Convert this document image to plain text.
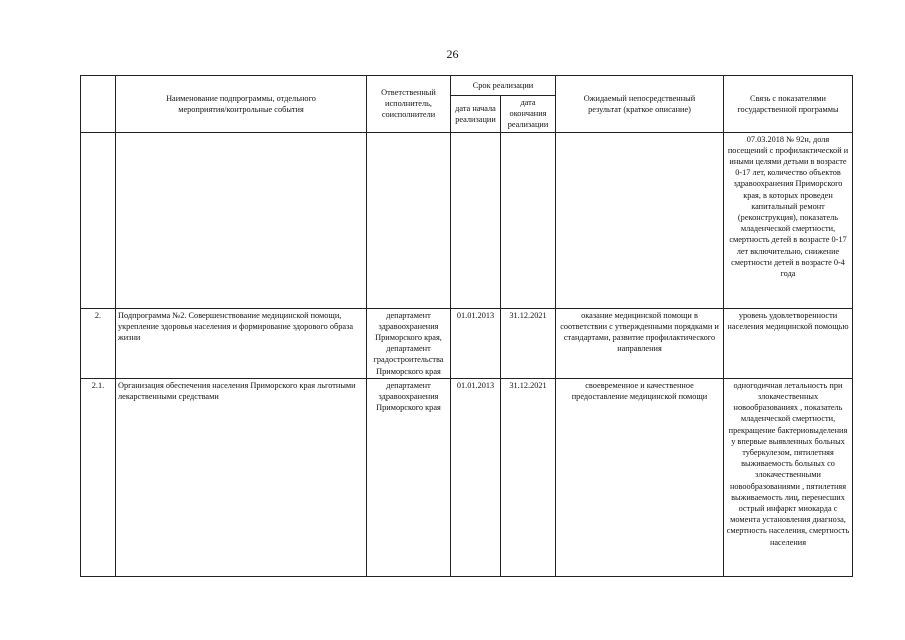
26
	Наименование подпрограммы, отдельного мероприятия/контрольные события	Ответственный исполнитель, соисполнители	Срок реализации		Ожидаемый непосредственный результат (краткое описание)	Связь с показателями государственной программы
			дата начала реализации	дата окончания реализации		
						07.03.2018 № 92н, доля посещений с профилактической и иными целями детьми в возрасте 0-17 лет, количество объектов здравоохранения Приморского края, в которых проведен капитальный ремонт (реконструкция), показатель младенческой смертности, смертность детей в возрасте 0-17 лет включительно, снижение смертности детей в возрасте 0-4 года
2.	Подпрограмма №2. Совершенствование медицинской помощи, укрепление здоровья населения и формирование здорового образа жизни	департамент здравоохранения Приморского края, департамент градостроительства Приморского края	01.01.2013	31.12.2021	оказание медицинской помощи в соответствии с утвержденными порядками и стандартами, развитие профилактического направления	уровень удовлетворенности населения медицинской помощью
2.1.	Организация обеспечения населения Приморского края льготными лекарственными средствами	департамент здравоохранения Приморского края	01.01.2013	31.12.2021	своевременное и качественное предоставление медицинской помощи	одногодичная летальность при злокачественных новообразованиях , показатель младенческой смертности, прекращение бактериовыделения у впервые выявленных больных туберкулезом, пятилетняя выживаемость больных со злокачественными новообразованиями , пятилетняя выживаемость лиц, перенесших острый инфаркт миокарда с момента установления диагноза, смертность населения, смертность населения
